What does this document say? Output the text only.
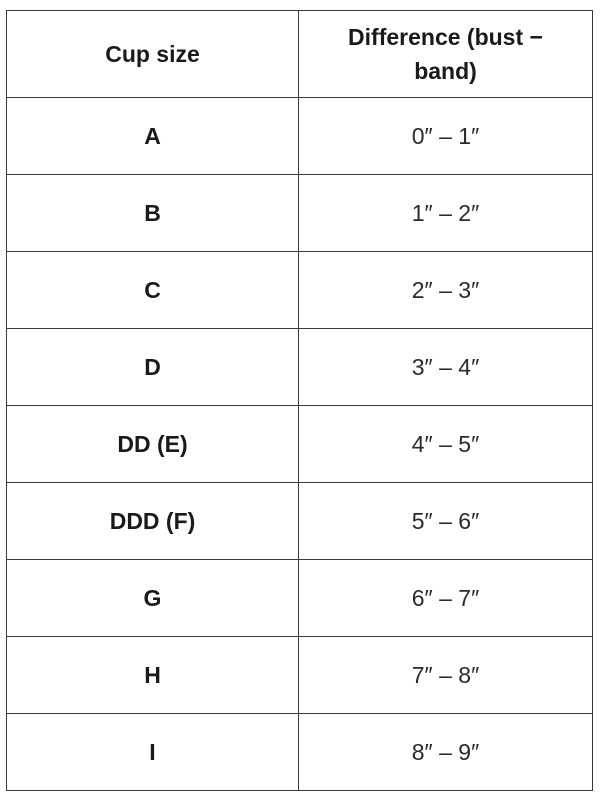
Cup size	Difference (bust − band)
A	0″ – 1″
B	1″ – 2″
C	2″ – 3″
D	3″ – 4″
DD (E)	4″ – 5″
DDD (F)	5″ – 6″
G	6″ – 7″
H	7″ – 8″
I	8″ – 9″
